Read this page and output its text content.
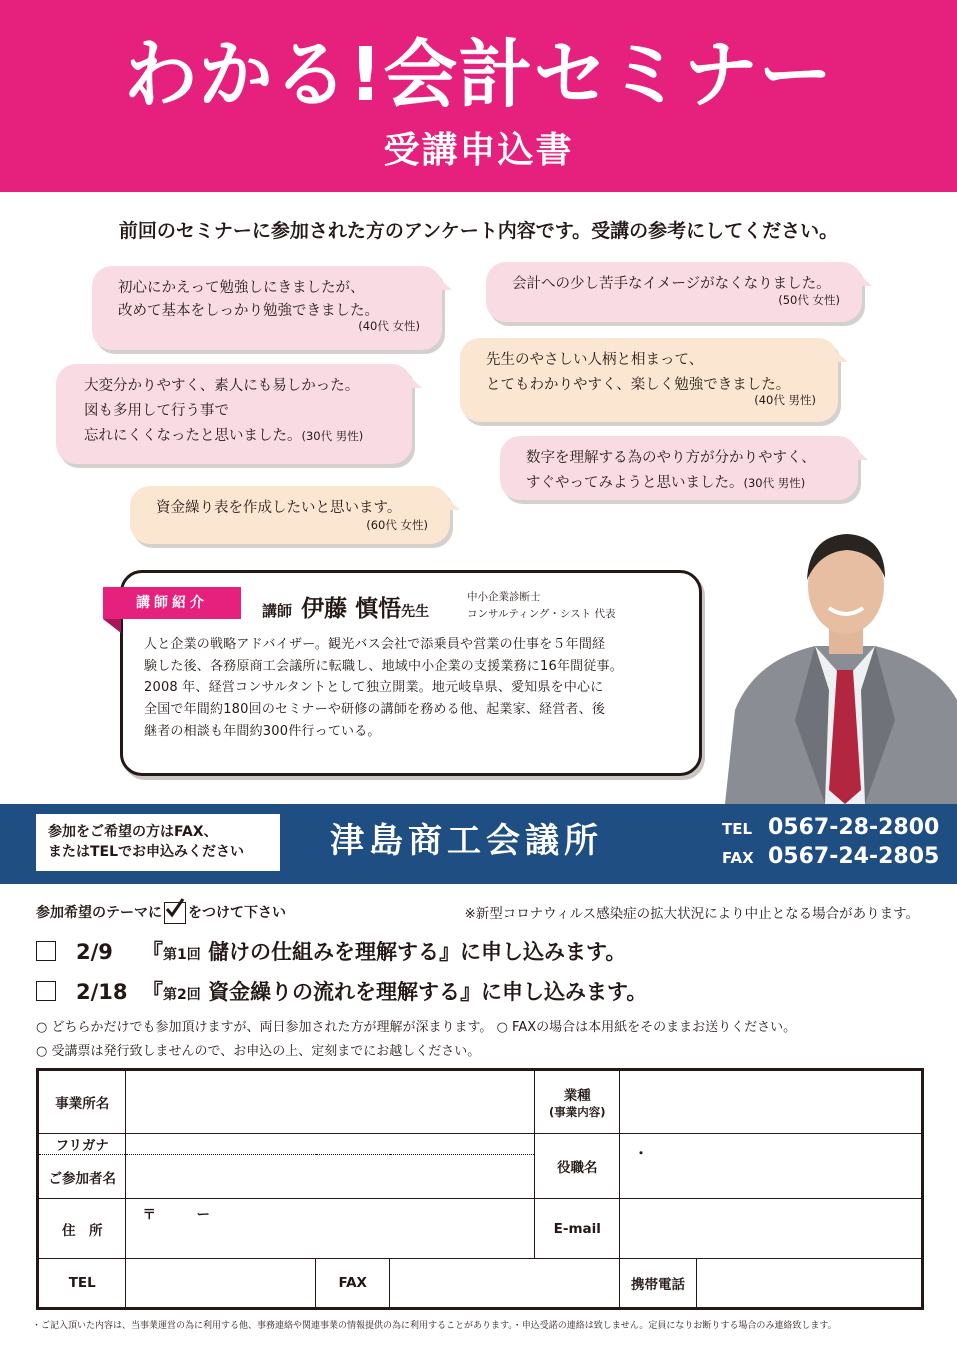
わかる!会計セミナー
受講申込書
前回のセミナーに参加された方のアンケート内容です。受講の参考にしてください。
初心にかえって勉強しにきましたが、
改めて基本をしっかり勉強できました。
(40代 女性)
会計への少し苦手なイメージがなくなりました。
(50代 女性)
先生のやさしい人柄と相まって、
とてもわかりやすく、楽しく勉強できました。
(40代 男性)
大変分かりやすく、素人にも易しかった。
図も多用して行う事で
忘れにくくなったと思いました。(30代 男性)
数字を理解する為のやり方が分かりやすく、
すぐやってみようと思いました。(30代 男性)
資金繰り表を作成したいと思います。
(60代 女性)
講師紹介	講師 伊藤 慎悟先生
中小企業診断士
コンサルティング・シスト 代表
人と企業の戦略アドバイザー。観光バス会社で添乗員や営業の仕事を５年間経
験した後、各務原商工会議所に転職し、地域中小企業の支援業務に16年間従事。
2008 年、経営コンサルタントとして独立開業。地元岐阜県、愛知県を中心に
全国で年間約180回のセミナーや研修の講師を務める他、起業家、経営者、後
継者の相談も年間約300件行っている。
参加をご希望の方はFAX、
またはTELでお申込みください	津島商工会議所	TEL 0567-28-2800
FAX 0567-24-2805
参加希望のテーマに をつけて下さい	※新型コロナウィルス感染症の拡大状況により中止となる場合があります。
2/9 『第1回 儲けの仕組みを理解する』に申し込みます。
2/18 『第2回 資金繰りの流れを理解する』に申し込みます。
○ どちらかだけでも参加頂けますが、両日参加された方が理解が深まります。 ○ FAXの場合は本用紙をそのままお送りください。
○ 受講票は発行致しませんので、お申込の上、定刻までにお越しください。
事業所名				業種
(事業内容)		

フリガナ				役職名	・	
ご参加者名						
住　所	〒　　　ー			E-mail		
TEL		FAX			携帯電話	
・ご記入頂いた内容は、当事業運営の為に利用する他、事務連絡や関連事業の情報提供の為に利用することがあります。・申込受諾の連絡は致しません。定員になりお断りする場合のみ連絡致します。
